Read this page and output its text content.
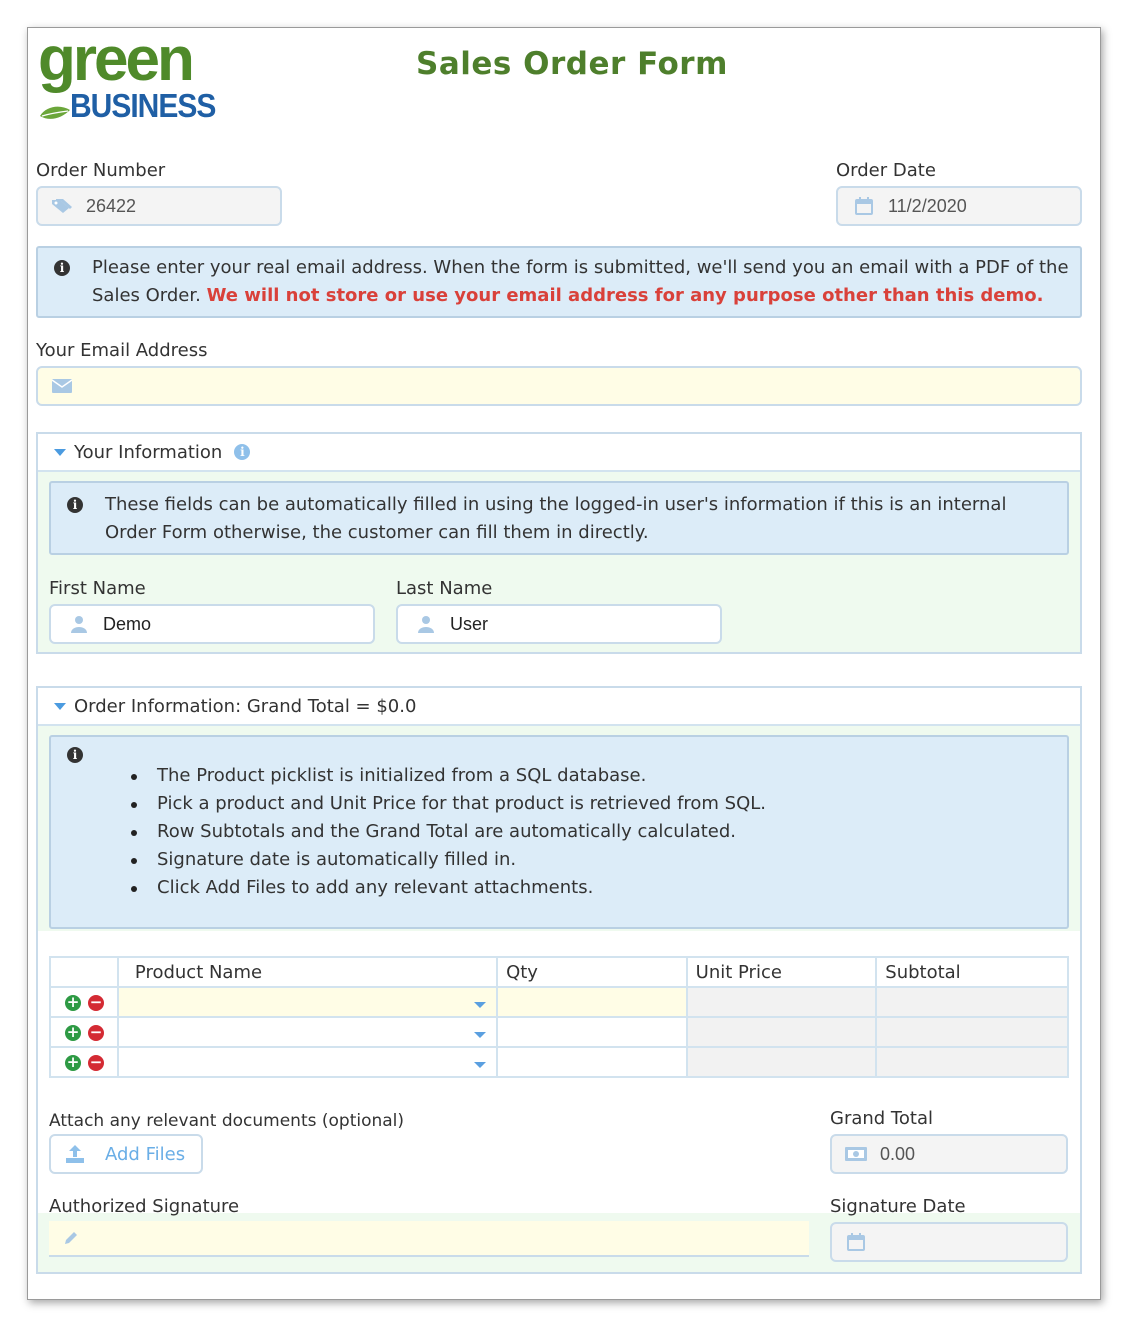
green
BUSINESS
Sales Order Form
Order Number
26422
Order Date
11/2/2020
i	Please enter your real email address. When the form is submitted, we'll send you an email with a PDF of the Sales Order. We will not store or use your email address for any purpose other than this demo.
Your Email Address
Your Information	i
i	These fields can be automatically filled in using the logged-in user's information if this is an internal Order Form otherwise, the customer can fill them in directly.
First Name
Demo
Last Name
User
Order Information: Grand Total = $0.0
i
The Product picklist is initialized from a SQL database.
Pick a product and Unit Price for that product is retrieved from SQL.
Row Subtotals and the Grand Total are automatically calculated.
Signature date is automatically filled in.
Click Add Files to add any relevant attachments.
	Product Name	Qty	Unit Price	Subtotal
+ −	

+ −	

+ −	

Attach any relevant documents (optional)
Add Files
Grand Total
0.00
Authorized Signature	Signature Date
